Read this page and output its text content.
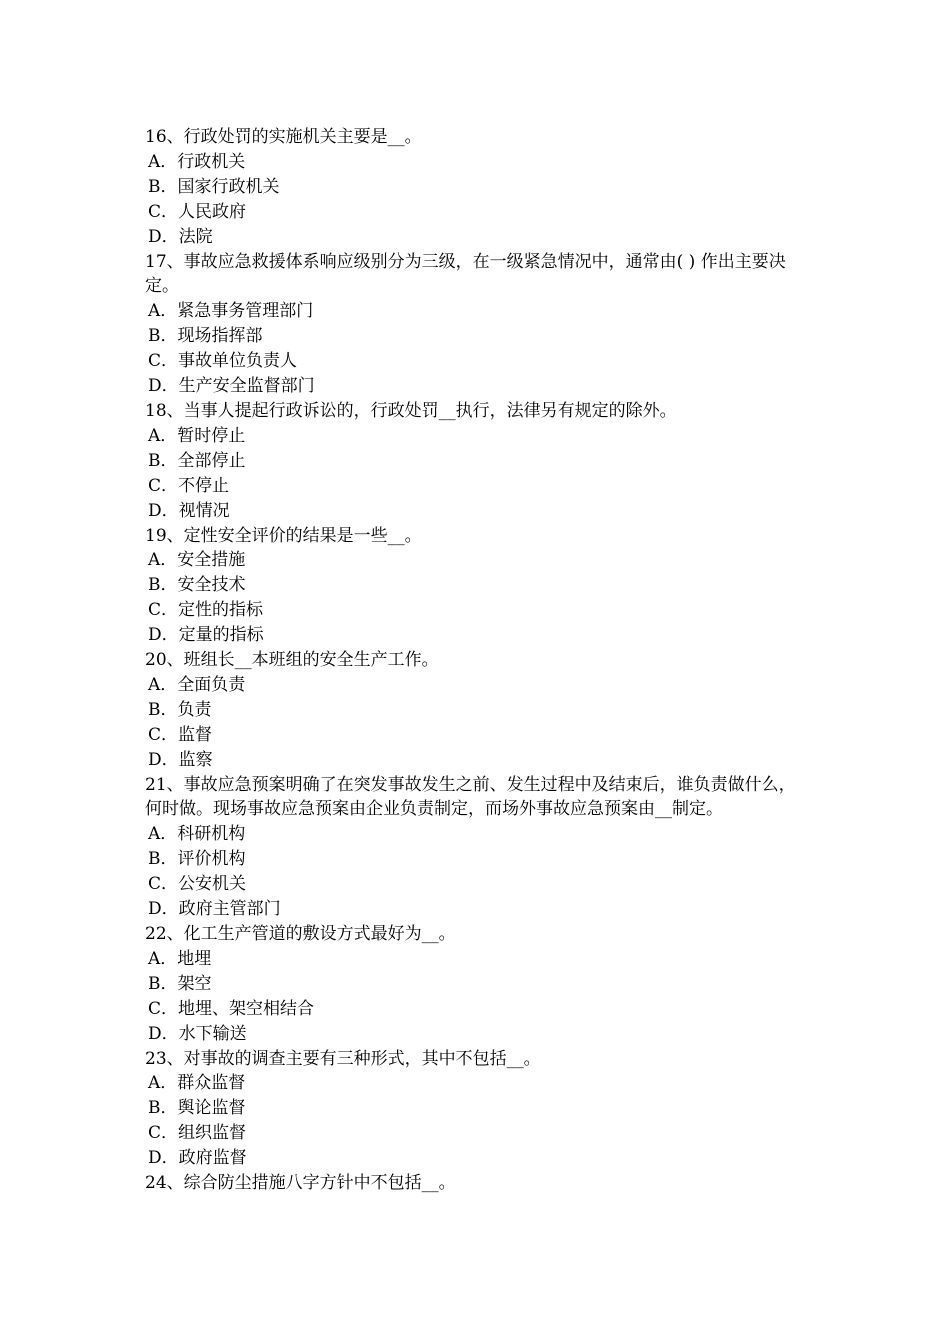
16、行政处罚的实施机关主要是__。

A．行政机关

B．国家行政机关

C．人民政府

D．法院

17、事故应急救援体系响应级别分为三级，在一级紧急情况中，通常由( ) 作出主要决定。

A．紧急事务管理部门

B．现场指挥部

C．事故单位负责人

D．生产安全监督部门

18、当事人提起行政诉讼的，行政处罚__执行，法律另有规定的除外。

A．暂时停止

B．全部停止

C．不停止

D．视情况

19、定性安全评价的结果是一些__。

A．安全措施

B．安全技术

C．定性的指标

D．定量的指标

20、班组长__本班组的安全生产工作。

A．全面负责

B．负责

C．监督

D．监察

21、事故应急预案明确了在突发事故发生之前、发生过程中及结束后，谁负责做什么，何时做。现场事故应急预案由企业负责制定，而场外事故应急预案由__制定。

A．科研机构

B．评价机构

C．公安机关

D．政府主管部门

22、化工生产管道的敷设方式最好为__。

A．地埋

B．架空

C．地埋、架空相结合

D．水下输送

23、对事故的调查主要有三种形式，其中不包括__。

A．群众监督

B．舆论监督

C．组织监督

D．政府监督

24、综合防尘措施八字方针中不包括__。
